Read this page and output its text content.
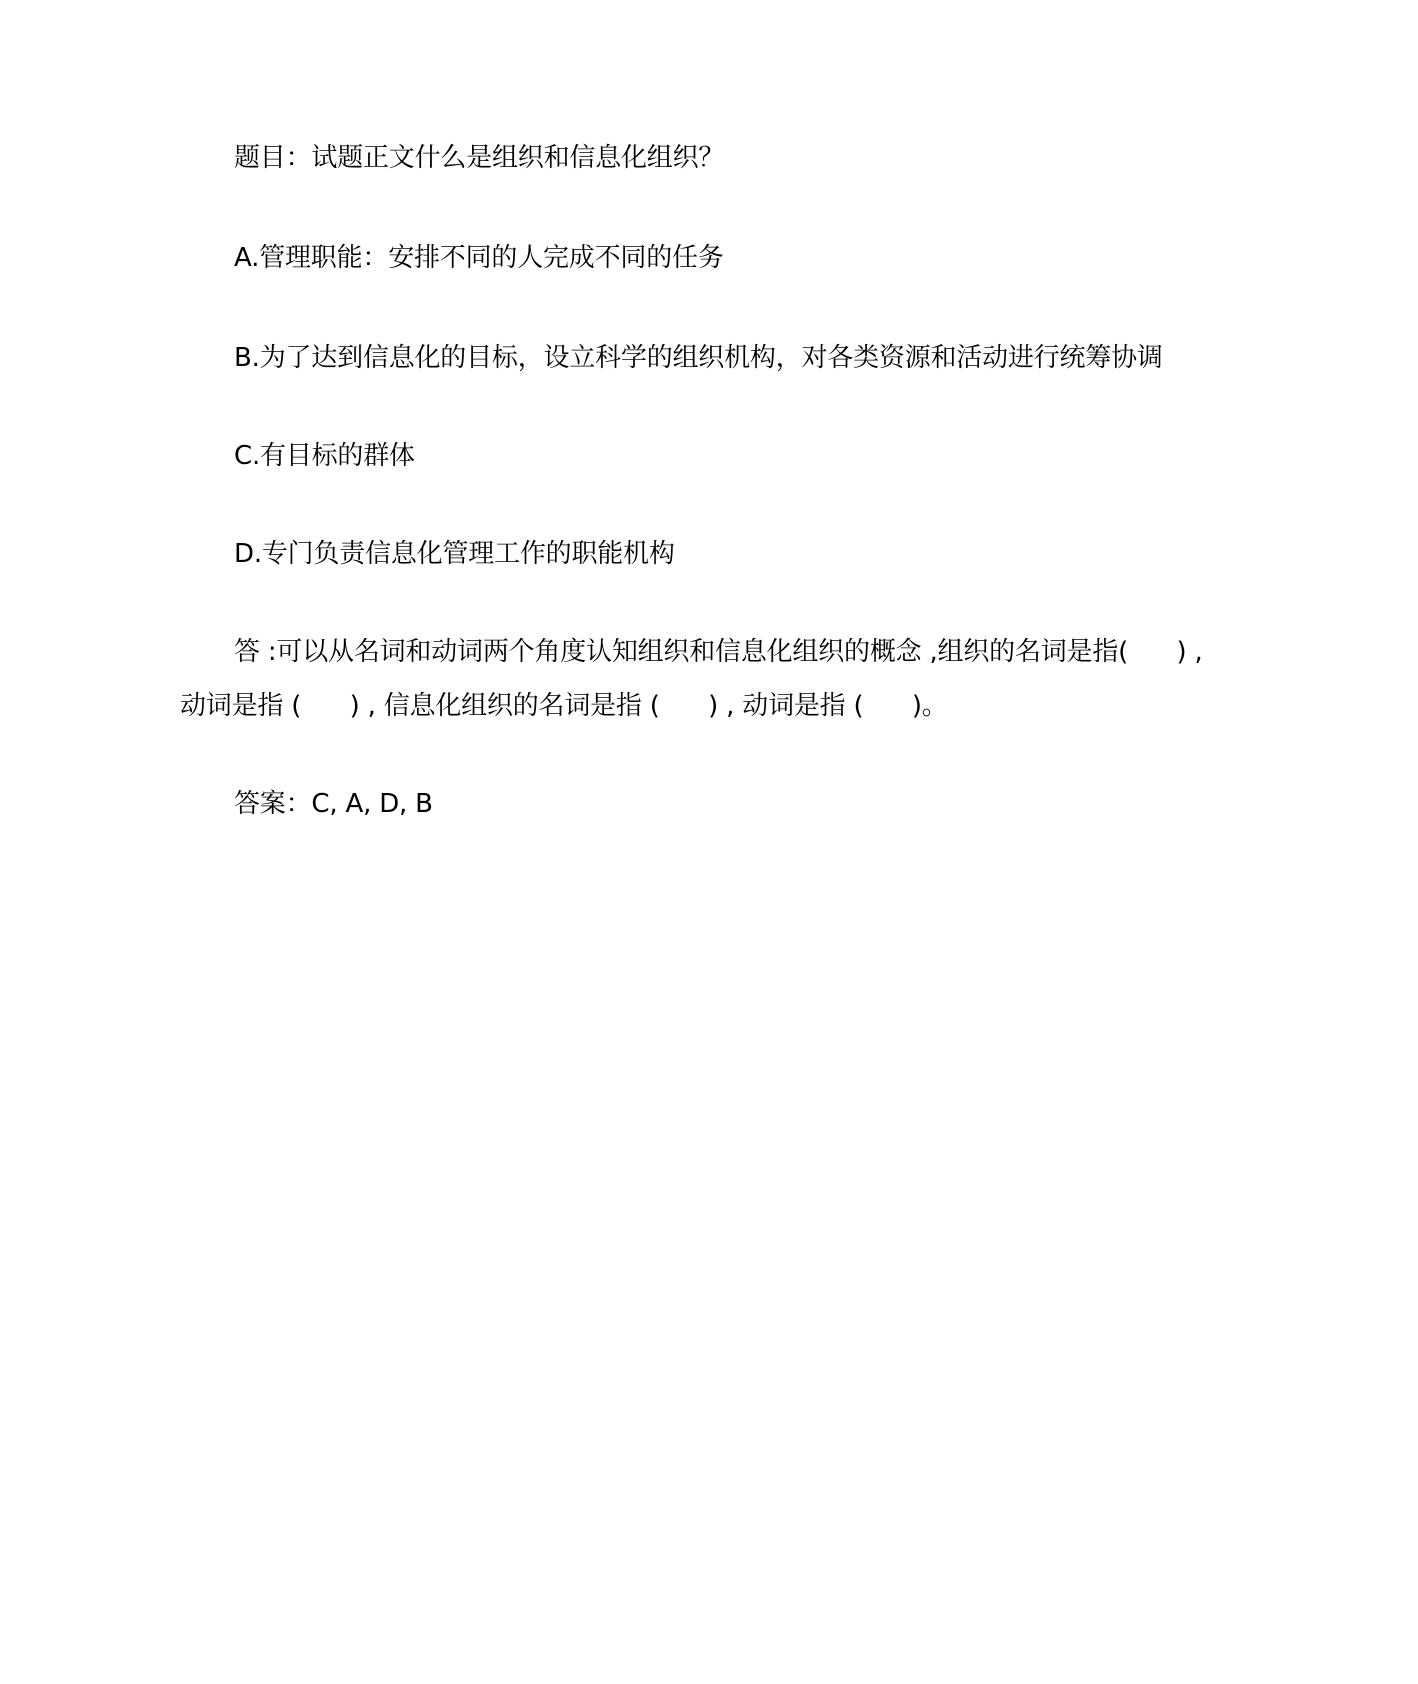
题目：试题正文什么是组织和信息化组织？
A.管理职能：安排不同的人完成不同的任务
B.为了达到信息化的目标，设立科学的组织机构，对各类资源和活动进行统筹协调
C.有目标的群体
D.专门负责信息化管理工作的职能机构
答 :可以从名词和动词两个角度认知组织和信息化组织的概念 ,组织的名词是指(      ) ,
动词是指 (      ) , 信息化组织的名词是指 (      ) , 动词是指 (      )。
答案：C, A, D, B
